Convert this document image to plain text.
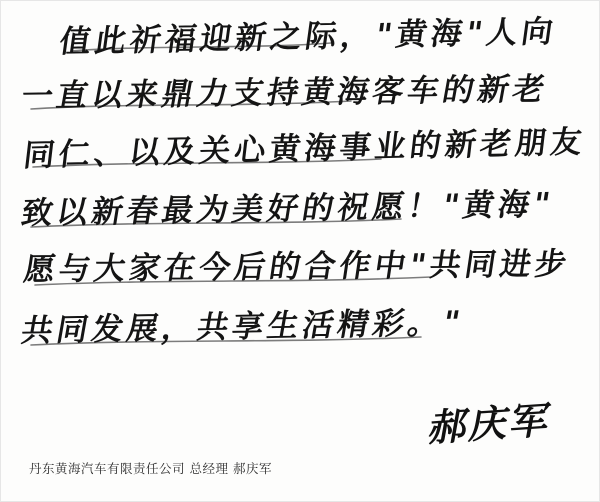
值此祈福迎新之际，"黄海"人向
一直以来鼎力支持黄海客车的新老
同仁、以及关心黄海事业的新老朋友
致以新春最为美好的祝愿！"黄海"
愿与大家在今后的合作中"共同进步
共同发展，共享生活精彩。"
郝庆军
丹东黄海汽车有限责任公司 总经理 郝庆军
